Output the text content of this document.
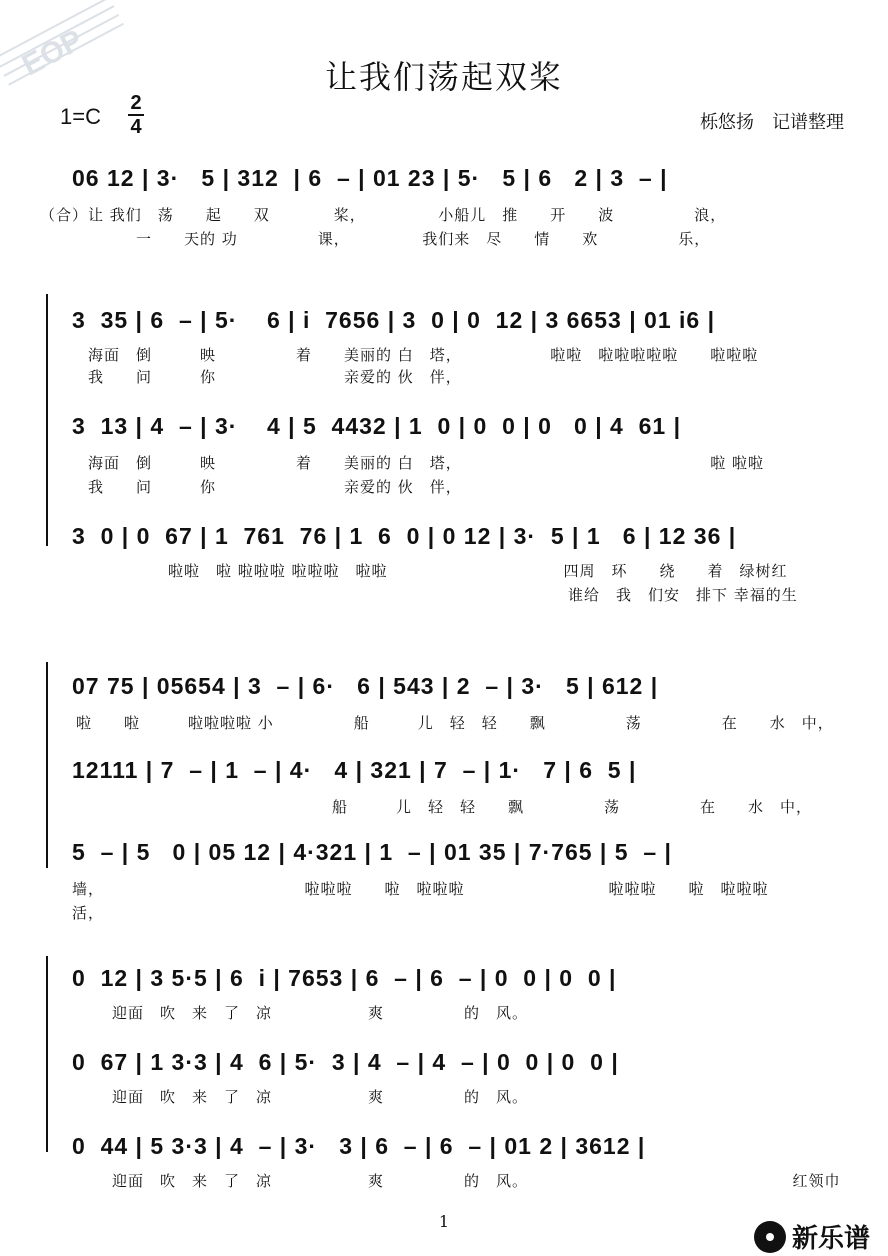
EOP	让我们荡起双桨
1=C
2
4	栎悠扬　记谱整理
06 12 | 3·   5 | 312  | 6  – | 01 23 | 5·   5 | 6   2 | 3  – |
（合）让 我们　荡　　起　　双　　　　桨，　　　　　小船儿　推　　开　　波　　　　　浪，
　　　　　　一　　天的 功　　　　　课，　　　　　我们来　尽　　情　　欢　　　　　乐，
3  35 | 6  – | 5·    6 | i  7656 | 3  0 | 0  12 | 3 6653 | 01 i6 |
　　海面　倒　　　映　　　　　着　　美丽的 白　塔，　　　　　　啦啦　啦啦啦啦啦　　啦啦啦
　　我　　问　　　你　　　　　　　　亲爱的 伙　伴，
3  13 | 4  – | 3·    4 | 5  4432 | 1  0 | 0  0 | 0   0 | 4  61 |
　　海面　倒　　　映　　　　　着　　美丽的 白　塔，　　　　　　　　　　　　　　　　啦 啦啦
　　我　　问　　　你　　　　　　　　亲爱的 伙　伴，
3  0 | 0  67 | 1  761  76 | 1  6  0 | 0 12 | 3·  5 | 1   6 | 12 36 |
　　　　　　　啦啦　啦 啦啦啦 啦啦啦　啦啦　　　　　　　　　　　四周　环　　绕　　着　绿树红
　　　　　　　　　　　　　　　　　　　　　　　　　　　　　　　　谁给　我　们安　排下 幸福的生
07 75 | 05654 | 3  – | 6·   6 | 543 | 2  – | 3·   5 | 612 |
　啦　　啦　　　啦啦啦啦 小　　　　　船　　　儿　轻　轻　　飘　　　　　荡　　　　　在　　水　中，
12111 | 7  – | 1  – | 4·   4 | 321 | 7  – | 1·   7 | 6  5 |
　　　　　　　　　　　　　　　　　船　　　儿　轻　轻　　飘　　　　　荡　　　　　在　　水　中，
5  – | 5   0 | 05 12 | 4·321 | 1  – | 01 35 | 7·765 | 5  – |
墙，　　　　　　　　　　　　　啦啦啦　　啦　啦啦啦　　　　　　　　　啦啦啦　　啦　啦啦啦
活，
0  12 | 3 5·5 | 6  i | 7653 | 6  – | 6  – | 0  0 | 0  0 |
　　迎面　吹　来　了　凉　　　　　　爽　　　　　的　风。
0  67 | 1 3·3 | 4  6 | 5·  3 | 4  – | 4  – | 0  0 | 0  0 |
　　迎面　吹　来　了　凉　　　　　　爽　　　　　的　风。
0  44 | 5 3·3 | 4  – | 3·   3 | 6  – | 6  – | 01 2 | 3612 |
　　迎面　吹　来　了　凉　　　　　　爽　　　　　的　风。　　　　　　　　　　　　　　　　　红领巾
1
新乐谱
